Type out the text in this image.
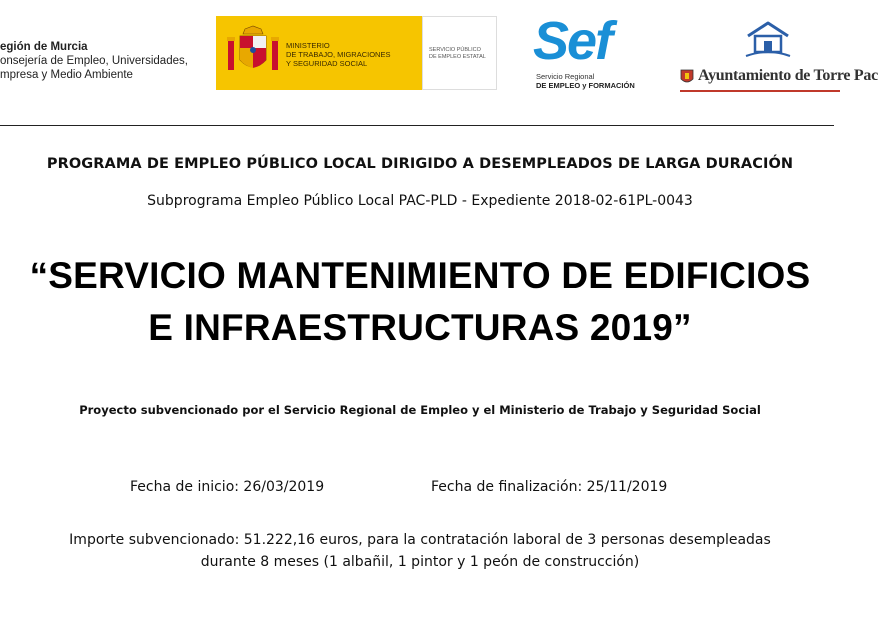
egión de Murcia
onsejería de Empleo, Universidades,
mpresa y Medio Ambiente
MINISTERIO
DE TRABAJO, MIGRACIONES
Y SEGURIDAD SOCIAL
SERVICIO PÚBLICO
DE EMPLEO ESTATAL Sef
Servicio Regional
DE EMPLEO y FORMACIÓN
Ayuntamiento de Torre Pac
PROGRAMA DE EMPLEO PÚBLICO LOCAL DIRIGIDO A DESEMPLEADOS DE LARGA DURACIÓN
Subprograma Empleo Público Local PAC-PLD - Expediente 2018-02-61PL-0043
“SERVICIO MANTENIMIENTO DE EDIFICIOS
E INFRAESTRUCTURAS 2019”
Proyecto subvencionado por el Servicio Regional de Empleo y el Ministerio de Trabajo y Seguridad Social
Fecha de inicio: 26/03/2019	Fecha de finalización: 25/11/2019
Importe subvencionado: 51.222,16 euros, para la contratación laboral de 3 personas desempleadas
durante 8 meses (1 albañil, 1 pintor y 1 peón de construcción)
